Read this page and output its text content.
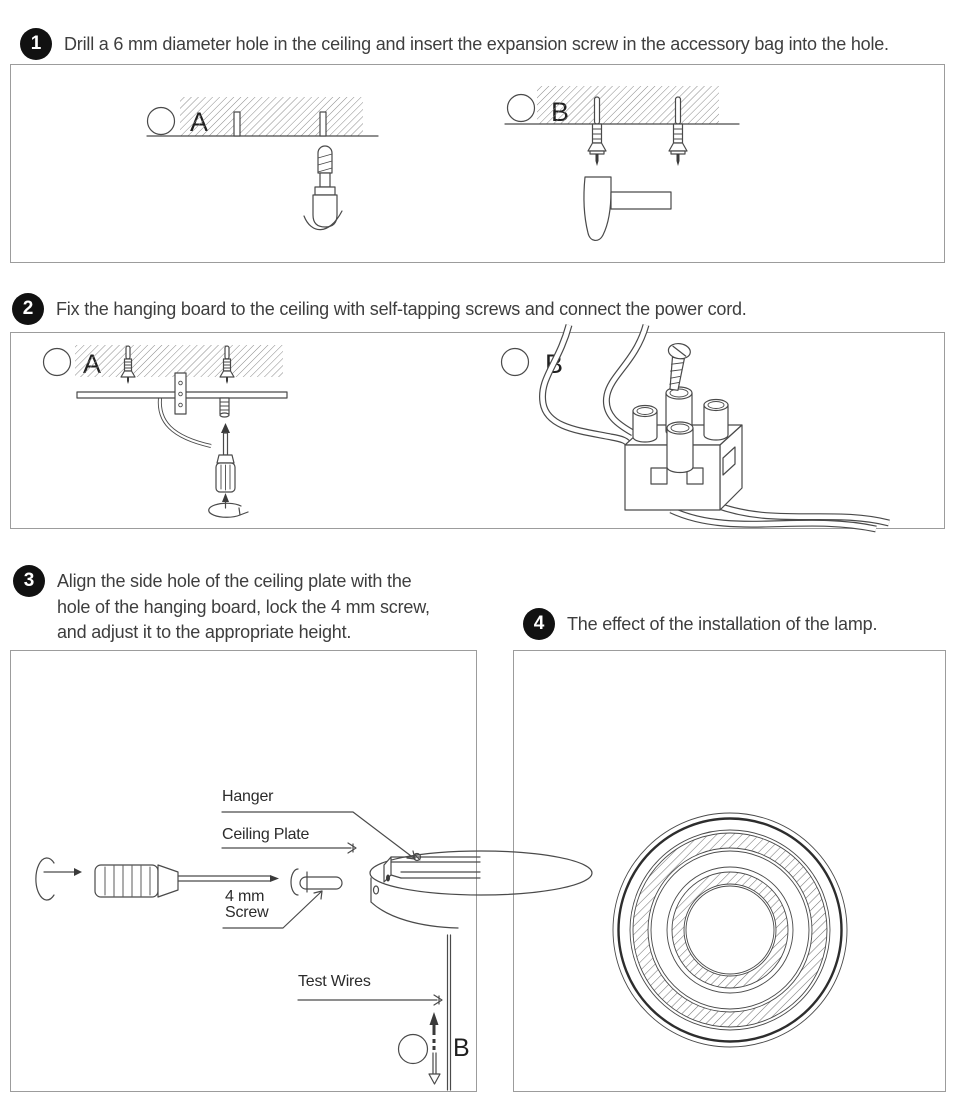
1 Drill a 6 mm diameter hole in the ceiling and insert the expansion screw in the accessory bag into the hole.
2 Fix the hanging board to the ceiling with self-tapping screws and connect the power cord.
B
3 Align the side hole of the ceiling plate with the
hole of the hanging board, lock the 4 mm screw,
and adjust it to the appropriate height.	4 The effect of the installation of the lamp.
Hanger
Ceiling Plate
4 mm
Screw
Test Wires
B
